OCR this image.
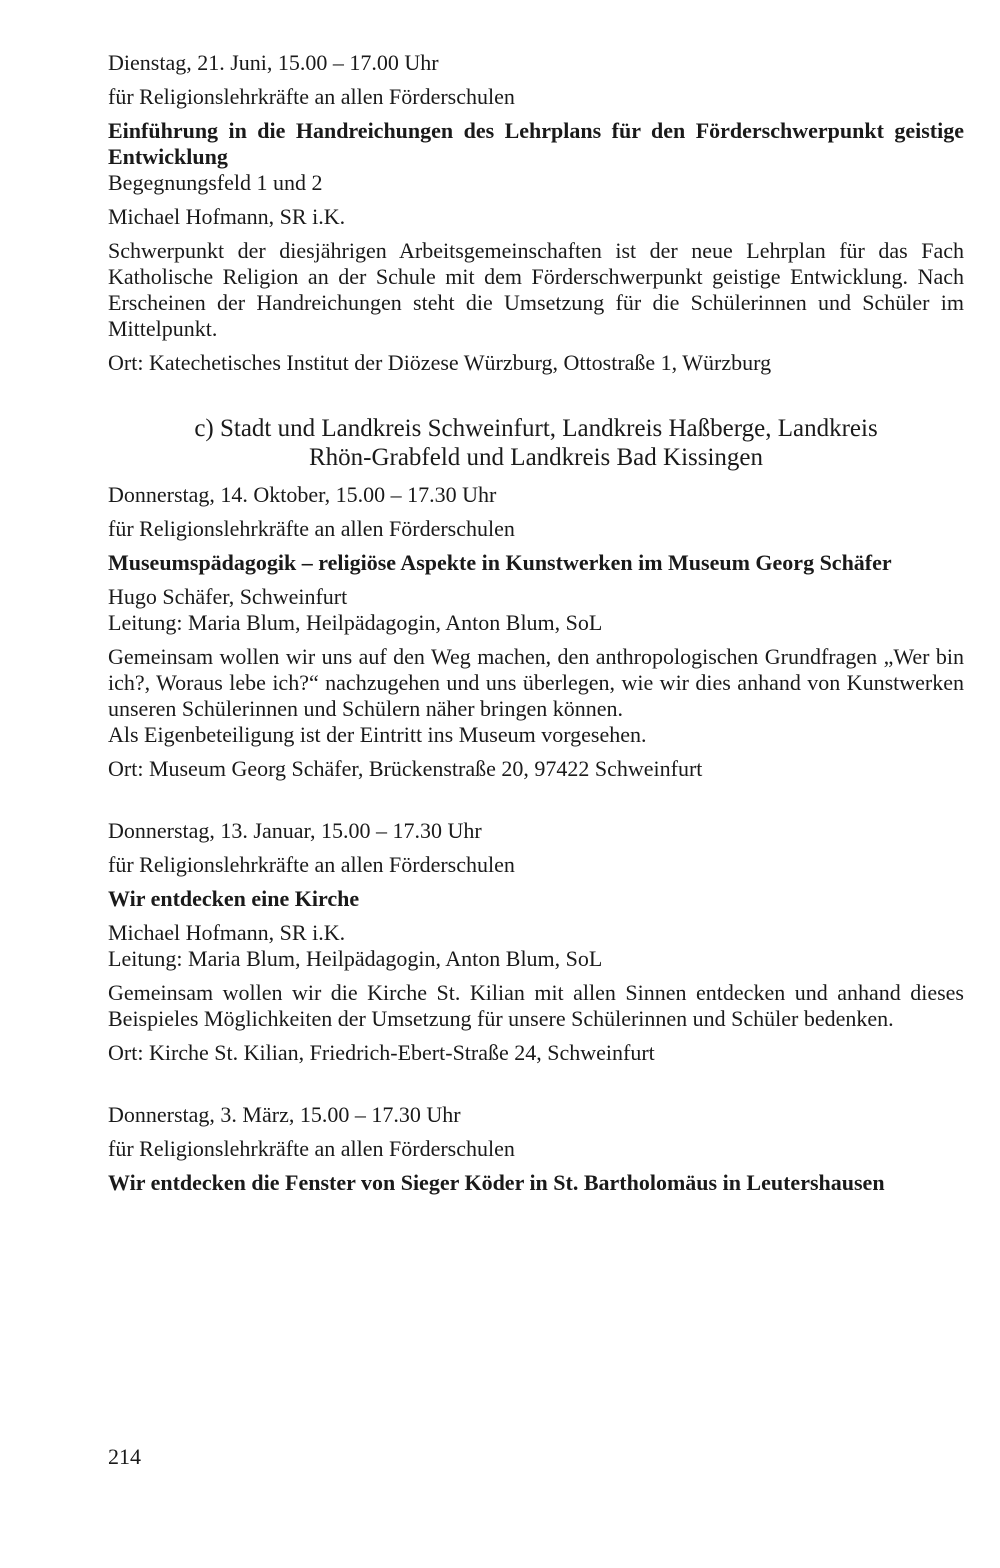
Dienstag, 21. Juni, 15.00 – 17.00 Uhr
für Religionslehrkräfte an allen Förderschulen
Einführung in die Handreichungen des Lehrplans für den Förderschwerpunkt geistige Entwicklung
Begegnungsfeld 1 und 2
Michael Hofmann, SR i.K.
Schwerpunkt der diesjährigen Arbeitsgemeinschaften ist der neue Lehrplan für das Fach Katholische Religion an der Schule mit dem Förderschwerpunkt geistige Entwicklung. Nach Erscheinen der Handreichungen steht die Umsetzung für die Schülerinnen und Schüler im Mittelpunkt.
Ort: Katechetisches Institut der Diözese Würzburg, Ottostraße 1, Würzburg
c) Stadt und Landkreis Schweinfurt, Landkreis Haßberge, Landkreis
Rhön-Grabfeld und Landkreis Bad Kissingen
Donnerstag, 14. Oktober, 15.00 – 17.30 Uhr
für Religionslehrkräfte an allen Förderschulen
Museumspädagogik – religiöse Aspekte in Kunstwerken im Museum Georg Schäfer
Hugo Schäfer, Schweinfurt
Leitung: Maria Blum, Heilpädagogin, Anton Blum, SoL
Gemeinsam wollen wir uns auf den Weg machen, den anthropologischen Grundfragen „Wer bin ich?, Woraus lebe ich?“ nachzugehen und uns überlegen, wie wir dies anhand von Kunstwerken unseren Schülerinnen und Schülern näher bringen können.
Als Eigenbeteiligung ist der Eintritt ins Museum vorgesehen.
Ort: Museum Georg Schäfer, Brückenstraße 20, 97422 Schweinfurt
Donnerstag, 13. Januar, 15.00 – 17.30 Uhr
für Religionslehrkräfte an allen Förderschulen
Wir entdecken eine Kirche
Michael Hofmann, SR i.K.
Leitung: Maria Blum, Heilpädagogin, Anton Blum, SoL
Gemeinsam wollen wir die Kirche St. Kilian mit allen Sinnen entdecken und anhand dieses Beispieles Möglichkeiten der Umsetzung für unsere Schülerinnen und Schüler bedenken.
Ort: Kirche St. Kilian, Friedrich-Ebert-Straße 24, Schweinfurt
Donnerstag, 3. März, 15.00 – 17.30 Uhr
für Religionslehrkräfte an allen Förderschulen
Wir entdecken die Fenster von Sieger Köder in St. Bartholomäus in Leutershausen
214
